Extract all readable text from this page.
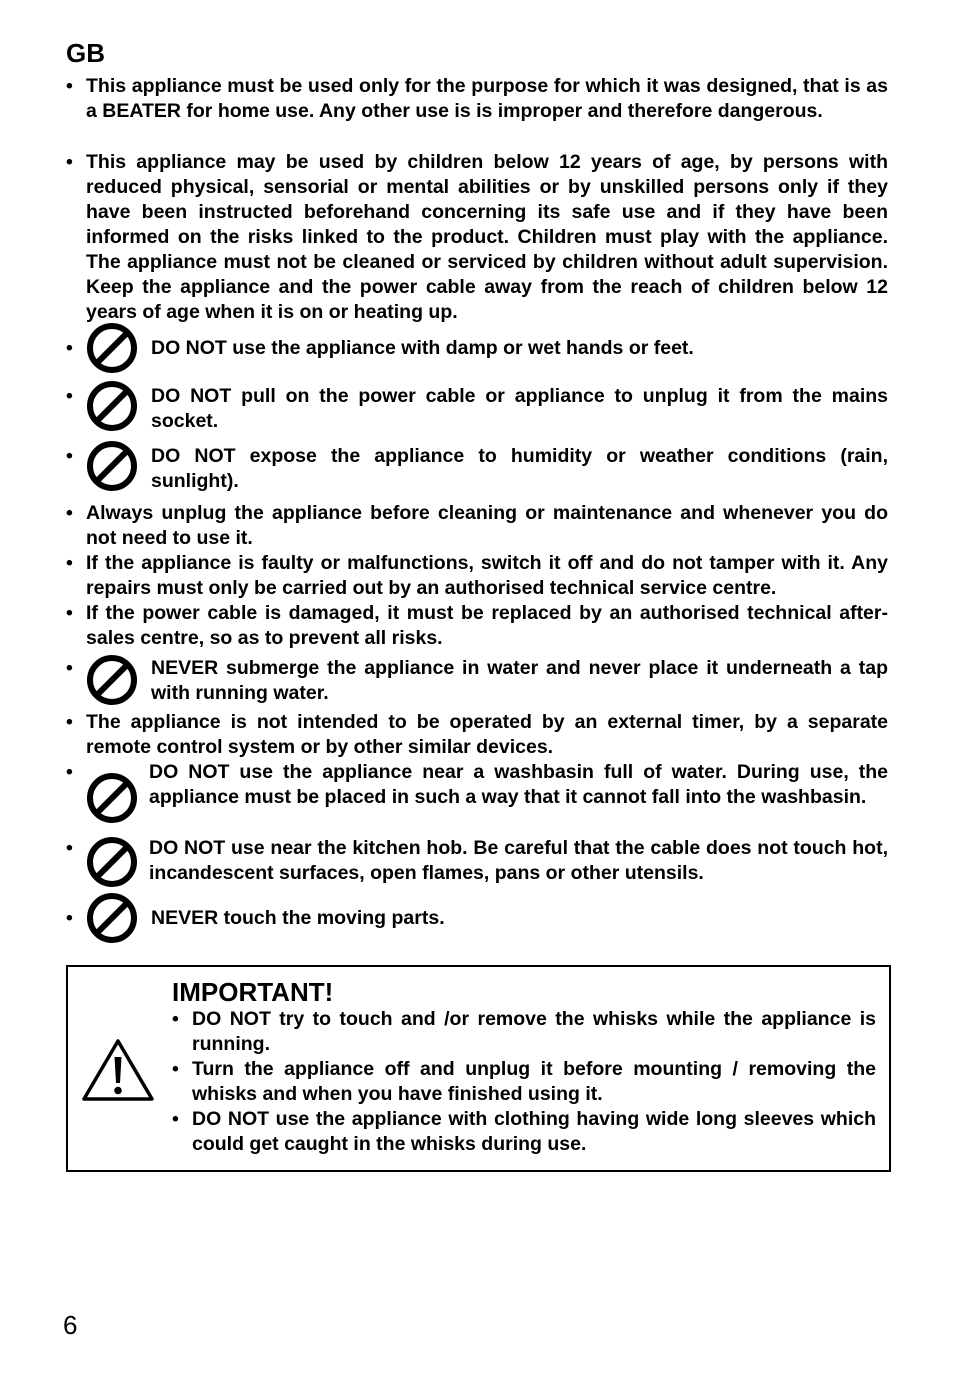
GB
• This appliance must be used only for the purpose for which it was designed, that is as a BEATER for home use. Any other use is is improper and therefore dangerous.
• This appliance may be used by children below 12 years of age, by persons with reduced physical, sensorial or mental abilities or by unskilled persons only if they have been instructed beforehand concerning its safe use and if they have been informed on the risks linked to the product. Children must play with the appliance. The appliance must not be cleaned or serviced by children without adult supervision. Keep the appliance and the power cable away from the reach of children below 12 years of age when it is on or heating up.
•	DO NOT use the appliance with damp or wet hands or feet.
•	DO NOT pull on the power cable or appliance to unplug it from the mains socket.
•	DO NOT expose the appliance to humidity or weather conditions (rain, sunlight).
• Always unplug the appliance before cleaning or maintenance and whenever you do not need to use it.
• If the appliance is faulty or malfunctions, switch it off and do not tamper with it. Any repairs must only be carried out by an authorised technical service centre.
• If the power cable is damaged, it must be replaced by an authorised technical after-sales centre, so as to prevent all risks.
•	NEVER submerge the appliance in water and never place it underneath a tap with running water.
• The appliance is not intended to be operated by an external timer, by a separate remote control system or by other similar devices.
•	DO NOT use the appliance near a washbasin full of water. During use, the appliance must be placed in such a way that it cannot fall into the washbasin.
•	DO NOT use near the kitchen hob. Be careful that the cable does not touch hot, incandescent surfaces, open flames, pans or other utensils.
•	NEVER touch the moving parts.
IMPORTANT!
• DO NOT try to touch and /or remove the whisks while the appliance is running.
• Turn the appliance off and unplug it before mounting / removing the whisks and when you have finished using it.
• DO NOT use the appliance with clothing having wide long sleeves which could get caught in the whisks during use.
6
